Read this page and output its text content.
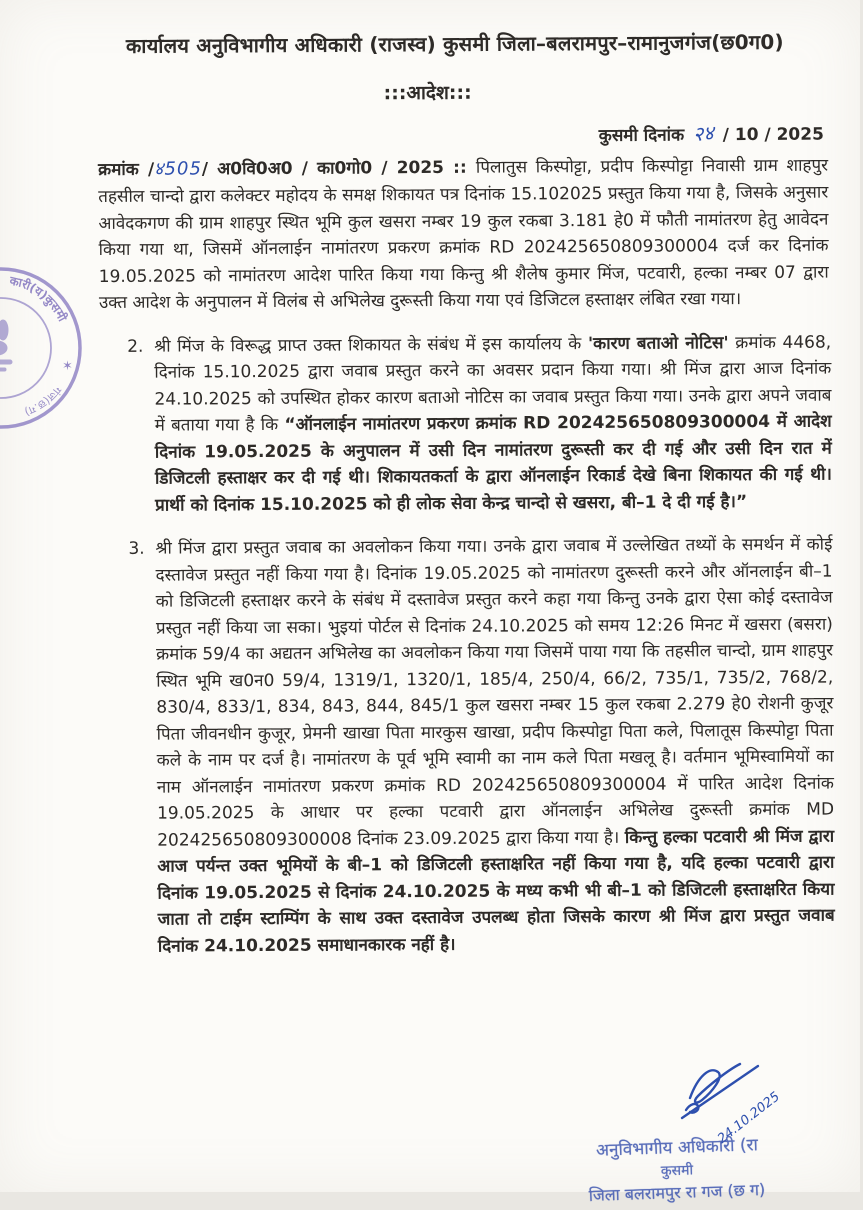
कारी(य)कुसमी
✶
गंज(छ.ग)
कार्यालय अनुविभागीय अधिकारी (राजस्व) कुसमी जिला–बलरामपुर–रामानुजगंज(छ0ग0)
:::आदेश:::
कुसमी दिनांक २४ / 10 / 2025

क्रमांक /४505/ अ0वि0अ0 / का0गो0 / 2025 :: पिलातुस किस्पोट्टा, प्रदीप किस्पोट्टा निवासी ग्राम शाहपुर तहसील चान्दो द्वारा कलेक्टर महोदय के समक्ष शिकायत पत्र दिनांक 15.102025 प्रस्तुत किया गया है, जिसके अनुसार आवेदकगण की ग्राम शाहपुर स्थित भूमि कुल खसरा नम्बर 19 कुल रकबा 3.181 हे0 में फौती नामांतरण हेतु आवेदन किया गया था, जिसमें ऑनलाईन नामांतरण प्रकरण क्रमांक RD 202425650809300004 दर्ज कर दिनांक 19.05.2025 को नामांतरण आदेश पारित किया गया किन्तु श्री शैलेष कुमार मिंज, पटवारी, हल्का नम्बर 07 द्वारा उक्त आदेश के अनुपालन में विलंब से अभिलेख दुरूस्ती किया गया एवं डिजिटल हस्ताक्षर लंबित रखा गया।

2. श्री मिंज के विरूद्ध प्राप्त उक्त शिकायत के संबंध में इस कार्यालय के 'कारण बताओ नोटिस' क्रमांक 4468, दिनांक 15.10.2025 द्वारा जवाब प्रस्तुत करने का अवसर प्रदान किया गया। श्री मिंज द्वारा आज दिनांक 24.10.2025 को उपस्थित होकर कारण बताओ नोटिस का जवाब प्रस्तुत किया गया। उनके द्वारा अपने जवाब में बताया गया है कि “ऑनलाईन नामांतरण प्रकरण क्रमांक RD 202425650809300004 में आदेश दिनांक 19.05.2025 के अनुपालन में उसी दिन नामांतरण दुरूस्ती कर दी गई और उसी दिन रात में डिजिटली हस्ताक्षर कर दी गई थी। शिकायतकर्ता के द्वारा ऑनलाईन रिकार्ड देखे बिना शिकायत की गई थी। प्रार्थी को दिनांक 15.10.2025 को ही लोक सेवा केन्द्र चान्दो से खसरा, बी–1 दे दी गई है।”

3. श्री मिंज द्वारा प्रस्तुत जवाब का अवलोकन किया गया। उनके द्वारा जवाब में उल्लेखित तथ्यों के समर्थन में कोई दस्तावेज प्रस्तुत नहीं किया गया है। दिनांक 19.05.2025 को नामांतरण दुरूस्ती करने और ऑनलाईन बी–1 को डिजिटली हस्ताक्षर करने के संबंध में दस्तावेज प्रस्तुत करने कहा गया किन्तु उनके द्वारा ऐसा कोई दस्तावेज प्रस्तुत नहीं किया जा सका। भुइयां पोर्टल से दिनांक 24.10.2025 को समय 12:26 मिनट में खसरा (बसरा) क्रमांक 59/4 का अद्यतन अभिलेख का अवलोकन किया गया जिसमें पाया गया कि तहसील चान्दो, ग्राम शाहपुर स्थित भूमि ख0न0 59/4, 1319/1, 1320/1, 185/4, 250/4, 66/2, 735/1, 735/2, 768/2, 830/4, 833/1, 834, 843, 844, 845/1 कुल खसरा नम्बर 15 कुल रकबा 2.279 हे0 रोशनी कुजूर पिता जीवनधीन कुजूर, प्रेमनी खाखा पिता मारकुस खाखा, प्रदीप किस्पोट्टा पिता कले, पिलातूस किस्पोट्टा पिता कले के नाम पर दर्ज है। नामांतरण के पूर्व भूमि स्वामी का नाम कले पिता मखलू है। वर्तमान भूमिस्वामियों का नाम ऑनलाईन नामांतरण प्रकरण क्रमांक RD 202425650809300004 में पारित आदेश दिनांक 19.05.2025 के आधार पर हल्का पटवारी द्वारा ऑनलाईन अभिलेख दुरूस्ती क्रमांक MD 202425650809300008 दिनांक 23.09.2025 द्वारा किया गया है। किन्तु हल्का पटवारी श्री मिंज द्वारा आज पर्यन्त उक्त भूमियों के बी–1 को डिजिटली हस्ताक्षरित नहीं किया गया है, यदि हल्का पटवारी द्वारा दिनांक 19.05.2025 से दिनांक 24.10.2025 के मध्य कभी भी बी–1 को डिजिटली हस्ताक्षरित किया जाता तो टाईम स्टाम्पिंग के साथ उक्त दस्तावेज उपलब्ध होता जिसके कारण श्री मिंज द्वारा प्रस्तुत जवाब दिनांक 24.10.2025 समाधानकारक नहीं है।

24.10.2025
अनुविभागीय अधिकारी (रा
कुसमी
जिला बलरामपुर रा गज (छ ग)
